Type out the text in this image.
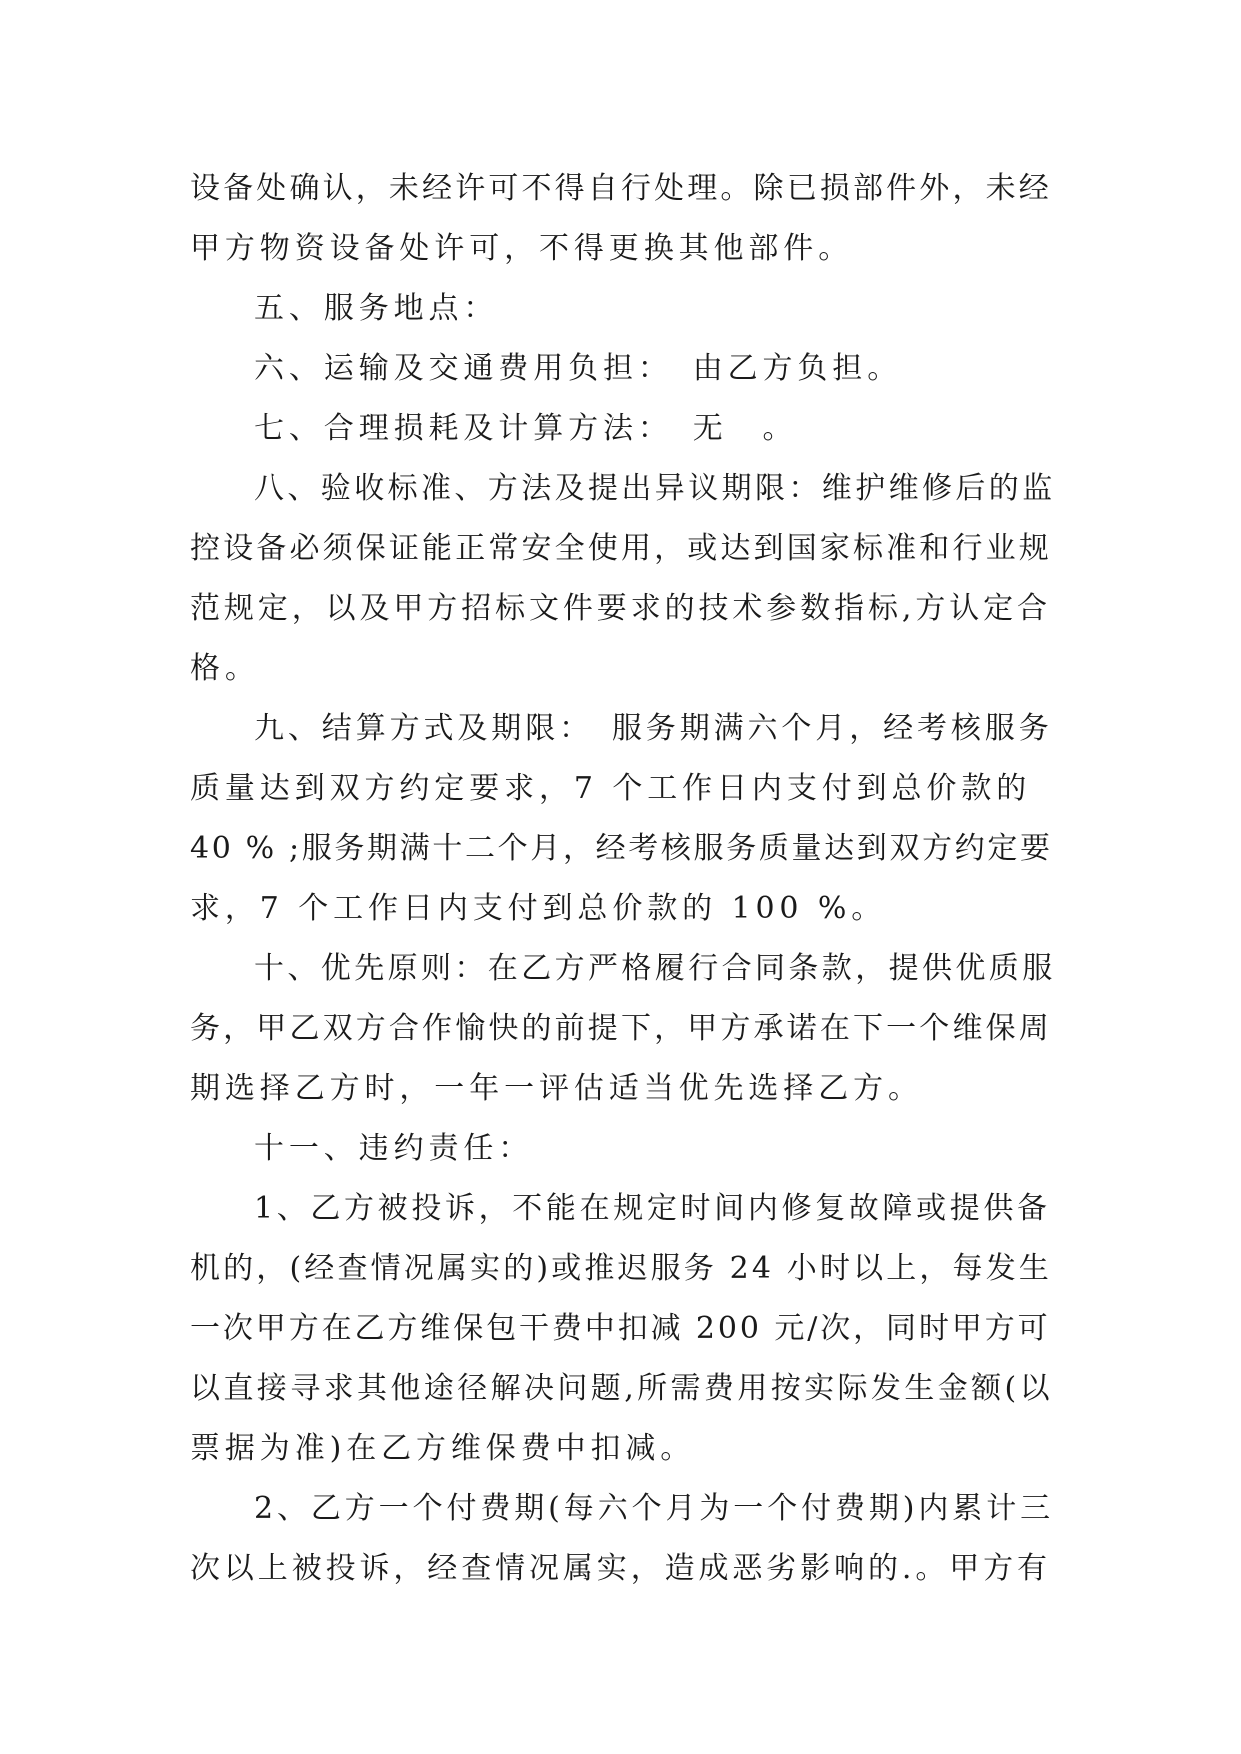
设备处确认，未经许可不得自行处理。除已损部件外，未经
甲方物资设备处许可，不得更换其他部件。
五、服务地点：
六、运输及交通费用负担：　由乙方负担。
七、合理损耗及计算方法：　无　。
八、验收标准、方法及提出异议期限：维护维修后的监
控设备必须保证能正常安全使用，或达到国家标准和行业规
范规定，以及甲方招标文件要求的技术参数指标,方认定合
格。
九、结算方式及期限：　服务期满六个月，经考核服务
质量达到双方约定要求，7 个工作日内支付到总价款的
40 % ;服务期满十二个月，经考核服务质量达到双方约定要
求，7 个工作日内支付到总价款的 100 %。
十、优先原则：在乙方严格履行合同条款，提供优质服
务，甲乙双方合作愉快的前提下，甲方承诺在下一个维保周
期选择乙方时，一年一评估适当优先选择乙方。
十一、违约责任：
1、乙方被投诉，不能在规定时间内修复故障或提供备
机的，(经查情况属实的)或推迟服务 24 小时以上，每发生
一次甲方在乙方维保包干费中扣减 200 元/次，同时甲方可
以直接寻求其他途径解决问题,所需费用按实际发生金额(以
票据为准)在乙方维保费中扣减。
2、乙方一个付费期(每六个月为一个付费期)内累计三
次以上被投诉，经查情况属实，造成恶劣影响的.。甲方有
